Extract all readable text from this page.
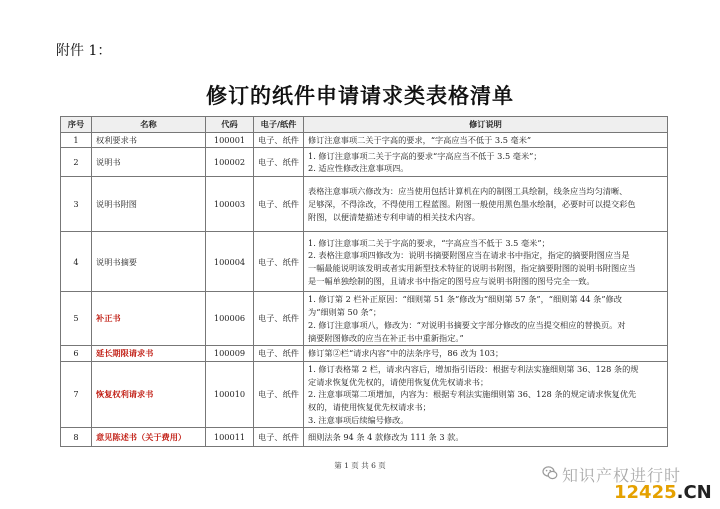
附件 1：
修订的纸件申请请求类表格清单
序号	名称	代码	电子/纸件	修订说明
1	权利要求书	100001	电子、纸件	修订注意事项二关于字高的要求，“字高应当不低于 3.5 毫米”

2	说明书	100002	电子、纸件	1. 修订注意事项二关于字高的要求“字高应当不低于 3.5 毫米”；
2. 适应性修改注意事项四。

3	说明书附图	100003	电子、纸件	表格注意事项六修改为：应当使用包括计算机在内的制图工具绘制，线条应当均匀清晰、
足够深，不得涂改，不得使用工程蓝图。附图一般使用黑色墨水绘制，必要时可以提交彩色
附图，以便清楚描述专利申请的相关技术内容。

4	说明书摘要	100004	电子、纸件	1. 修订注意事项二关于字高的要求，“字高应当不低于 3.5 毫米”；
2. 表格注意事项四修改为：说明书摘要附图应当在请求书中指定，指定的摘要附图应当是
一幅最能说明该发明或者实用新型技术特征的说明书附图，指定摘要附图的说明书附图应当
是一幅单独绘制的图，且请求书中指定的图号应与说明书附图的图号完全一致。

5	补正书	100006	电子、纸件	1. 修订第 2 栏补正原因：“细则第 51 条”修改为“细则第 57 条”，“细则第 44 条”修改
为“细则第 50 条”；
2. 修订注意事项八，修改为：“对说明书摘要文字部分修改的应当提交相应的替换页。对
摘要附图修改的应当在补正书中重新指定。”

6	延长期限请求书	100009	电子、纸件	修订第②栏“请求内容”中的法条序号，86 改为 103；

7	恢复权利请求书	100010	电子、纸件	1. 修订表格第 2 栏，请求内容后，增加指引语段：根据专利法实施细则第 36、128 条的规
定请求恢复优先权的，请使用恢复优先权请求书；
2. 注意事项第二项增加，内容为：根据专利法实施细则第 36、128 条的规定请求恢复优先
权的，请使用恢复优先权请求书；
3. 注意事项后续编号修改。

8	意见陈述书（关于费用）	100011	电子、纸件	细则法条 94 条 4 款修改为 111 条 3 款。
第 1 页 共 6 页
知识产权进行时
12425.CN
